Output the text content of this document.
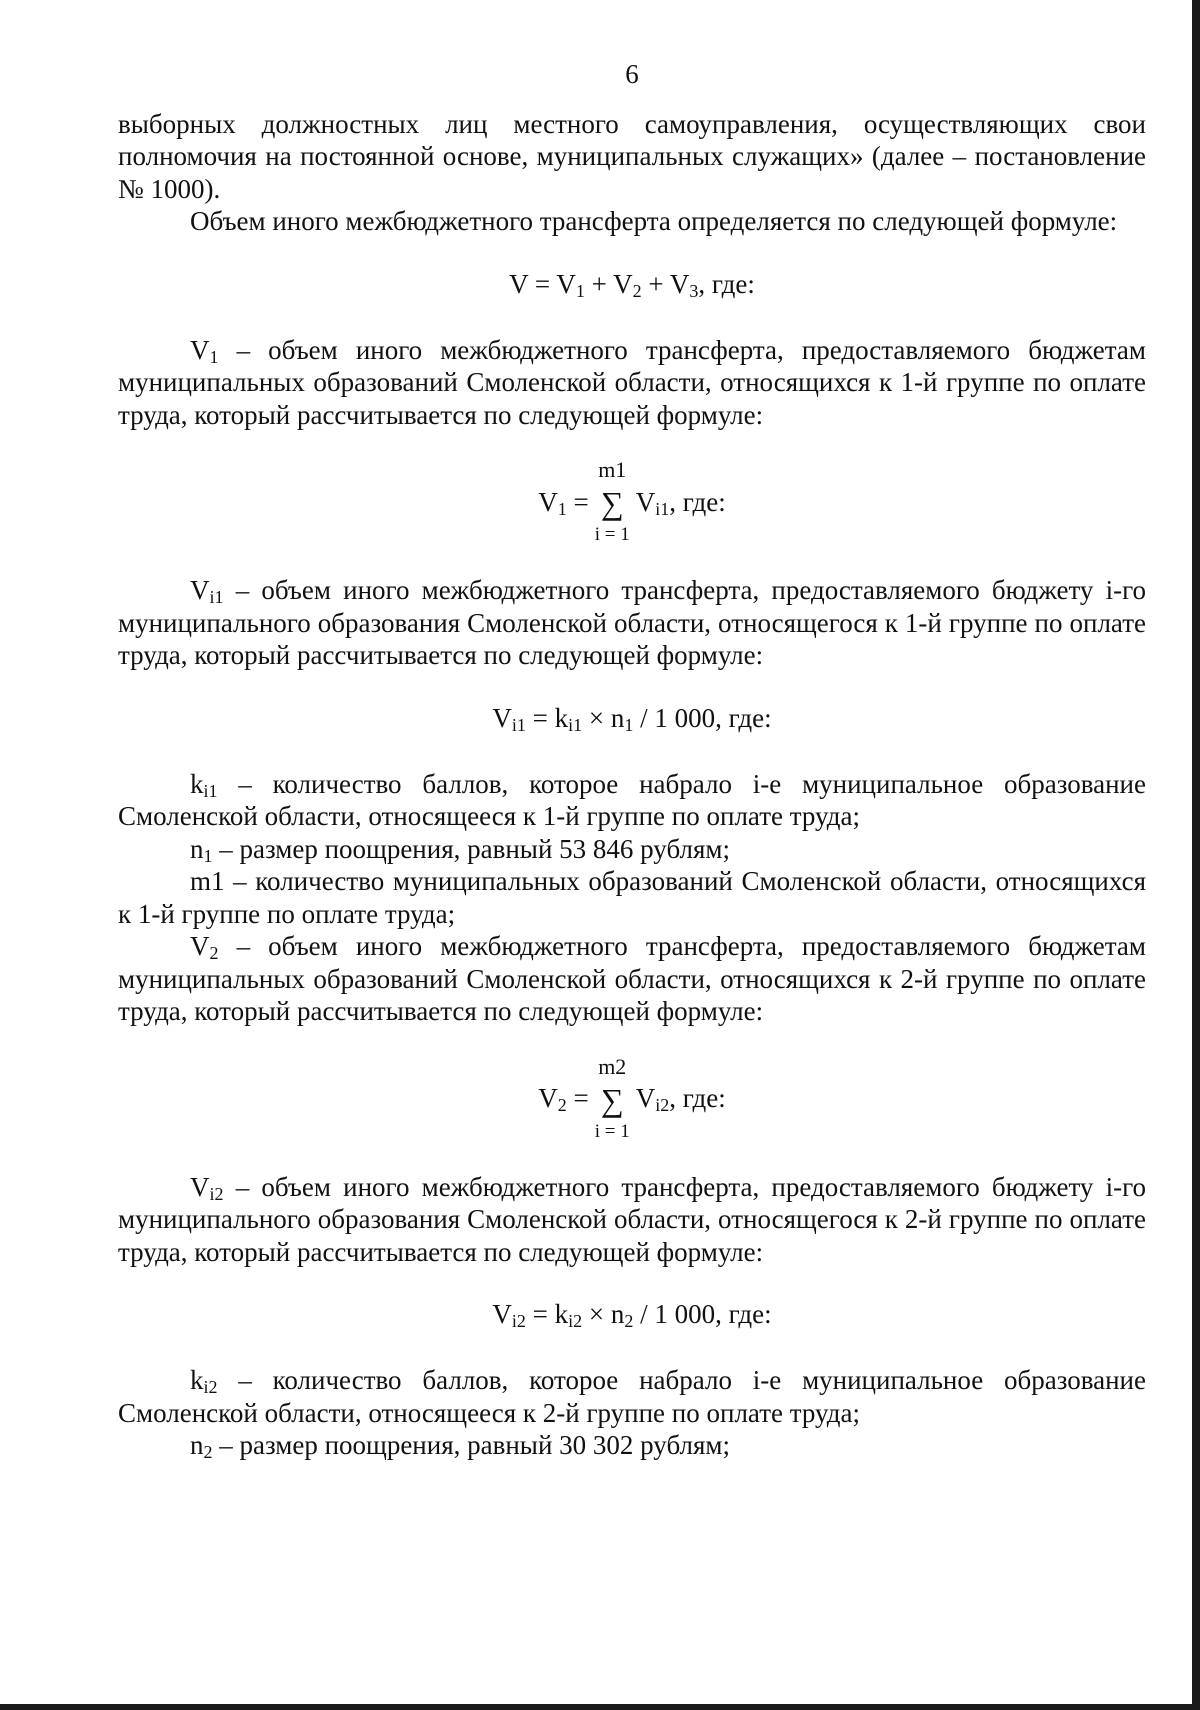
6

выборных должностных лиц местного самоуправления, осуществляющих свои полномочия на постоянной основе, муниципальных служащих» (далее – постановление № 1000).

Объем иного межбюджетного трансферта определяется по следующей формуле:

$V = V_1 + V_2 + V_3$, где:

$V_1$ – объем иного межбюджетного трансферта, предоставляемого бюджетам муниципальных образований Смоленской области, относящихся к 1-й группе по оплате труда, который рассчитывается по следующей формуле:

$V_1$ =
m1
∑
i = 1
$V_{i1}$, где:

$V_{i1}$ – объем иного межбюджетного трансферта, предоставляемого бюджету i-го муниципального образования Смоленской области, относящегося к 1-й группе по оплате труда, который рассчитывается по следующей формуле:

$V_{i1} = k_{i1} \times n_1 / 1$ 000, где:

$k_{i1}$ – количество баллов, которое набрало i-е муниципальное образование Смоленской области, относящееся к 1-й группе по оплате труда;

$n_1$ – размер поощрения, равный 53 846 рублям;

m1 – количество муниципальных образований Смоленской области, относящихся к 1-й группе по оплате труда;

$V_2$ – объем иного межбюджетного трансферта, предоставляемого бюджетам муниципальных образований Смоленской области, относящихся к 2-й группе по оплате труда, который рассчитывается по следующей формуле:

$V_2$ =
m2
∑
i = 1
$V_{i2}$, где:

$V_{i2}$ – объем иного межбюджетного трансферта, предоставляемого бюджету i-го муниципального образования Смоленской области, относящегося к 2-й группе по оплате труда, который рассчитывается по следующей формуле:

$V_{i2} = k_{i2} \times n_2 / 1$ 000, где:

$k_{i2}$ – количество баллов, которое набрало i-е муниципальное образование Смоленской области, относящееся к 2-й группе по оплате труда;

$n_2$ – размер поощрения, равный 30 302 рублям;
